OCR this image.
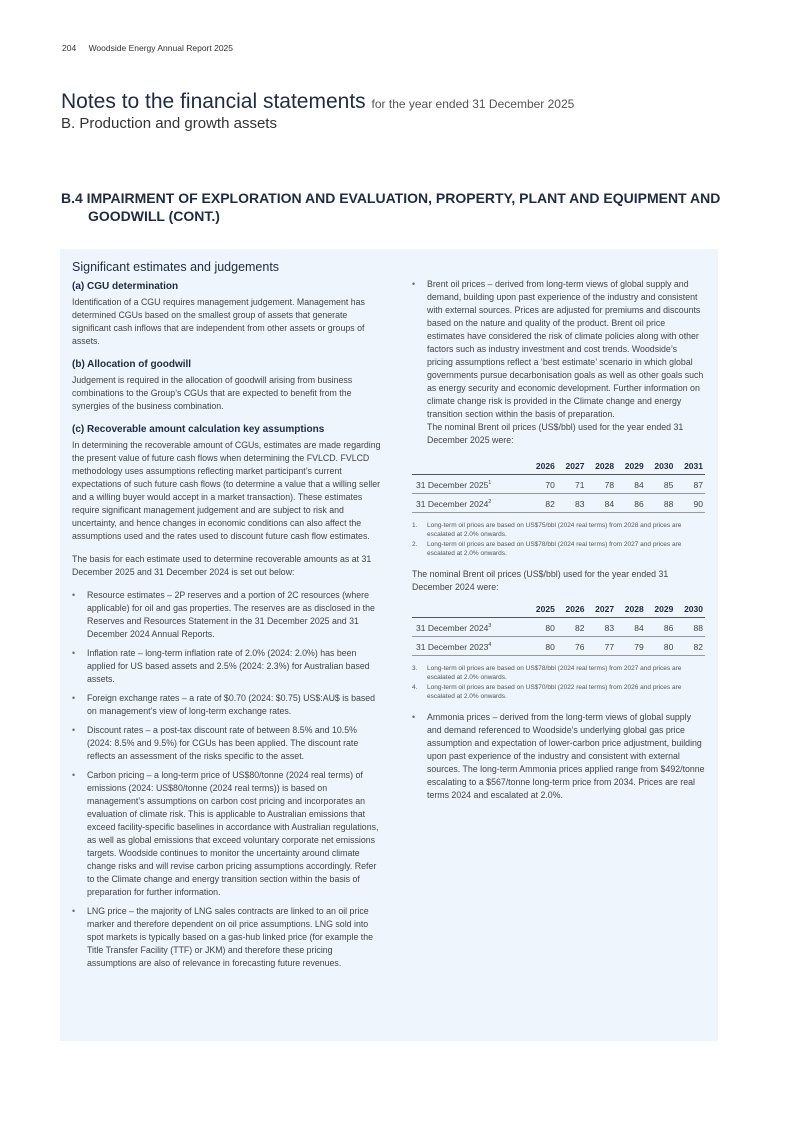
204 Woodside Energy Annual Report 2025
Notes to the financial statements for the year ended 31 December 2025
B. Production and growth assets
B.4 IMPAIRMENT OF EXPLORATION AND EVALUATION, PROPERTY, PLANT AND EQUIPMENT AND GOODWILL (CONT.)
Significant estimates and judgements
(a) CGU determination

Identification of a CGU requires management judgement. Management has determined CGUs based on the smallest group of assets that generate significant cash inflows that are independent from other assets or groups of assets.

(b) Allocation of goodwill

Judgement is required in the allocation of goodwill arising from business combinations to the Group’s CGUs that are expected to benefit from the synergies of the business combination.

(c) Recoverable amount calculation key assumptions

In determining the recoverable amount of CGUs, estimates are made regarding the present value of future cash flows when determining the FVLCD. FVLCD methodology uses assumptions reflecting market participant’s current expectations of such future cash flows (to determine a value that a willing seller and a willing buyer would accept in a market transaction). These estimates require significant management judgement and are subject to risk and uncertainty, and hence changes in economic conditions can also affect the assumptions used and the rates used to discount future cash flow estimates.

The basis for each estimate used to determine recoverable amounts as at 31 December 2025 and 31 December 2024 is set out below:

• Resource estimates – 2P reserves and a portion of 2C resources (where applicable) for oil and gas properties. The reserves are as disclosed in the Reserves and Resources Statement in the 31 December 2025 and 31 December 2024 Annual Reports.
• Inflation rate – long-term inflation rate of 2.0% (2024: 2.0%) has been applied for US based assets and 2.5% (2024: 2.3%) for Australian based assets.
• Foreign exchange rates – a rate of $0.70 (2024: $0.75) US$:AU$ is based on management’s view of long-term exchange rates.
• Discount rates – a post-tax discount rate of between 8.5% and 10.5% (2024: 8.5% and 9.5%) for CGUs has been applied. The discount rate reflects an assessment of the risks specific to the asset.
• Carbon pricing – a long-term price of US$80/tonne (2024 real terms) of emissions (2024: US$80/tonne (2024 real terms)) is based on management’s assumptions on carbon cost pricing and incorporates an evaluation of climate risk. This is applicable to Australian emissions that exceed facility-specific baselines in accordance with Australian regulations, as well as global emissions that exceed voluntary corporate net emissions targets. Woodside continues to monitor the uncertainty around climate change risks and will revise carbon pricing assumptions accordingly. Refer to the Climate change and energy transition section within the basis of preparation for further information.
• LNG price – the majority of LNG sales contracts are linked to an oil price marker and therefore dependent on oil price assumptions. LNG sold into spot markets is typically based on a gas-hub linked price (for example the Title Transfer Facility (TTF) or JKM) and therefore these pricing assumptions are also of relevance in forecasting future revenues.
• Brent oil prices – derived from long-term views of global supply and demand, building upon past experience of the industry and consistent with external sources. Prices are adjusted for premiums and discounts based on the nature and quality of the product. Brent oil price estimates have considered the risk of climate policies along with other factors such as industry investment and cost trends. Woodside’s pricing assumptions reflect a ‘best estimate’ scenario in which global governments pursue decarbonisation goals as well as other goals such as energy security and economic development. Further information on climate change risk is provided in the Climate change and energy transition section within the basis of preparation.
The nominal Brent oil prices (US$/bbl) used for the year ended 31 December 2025 were:
	2026	2027	2028	2029	2030	2031
31 December 2025$^1$	70	71	78	84	85	87
31 December 2024$^2$	82	83	84	86	88	90
1. Long-term oil prices are based on US$75/bbl (2024 real terms) from 2028 and prices are escalated at 2.0% onwards.
2. Long-term oil prices are based on US$78/bbl (2024 real terms) from 2027 and prices are escalated at 2.0% onwards.

The nominal Brent oil prices (US$/bbl) used for the year ended 31 December 2024 were:

	2025	2026	2027	2028	2029	2030
31 December 2024$^3$	80	82	83	84	86	88
31 December 2023$^4$	80	76	77	79	80	82
3. Long-term oil prices are based on US$78/bbl (2024 real terms) from 2027 and prices are escalated at 2.0% onwards.
4. Long-term oil prices are based on US$70/bbl (2022 real terms) from 2026 and prices are escalated at 2.0% onwards.
• Ammonia prices – derived from the long-term views of global supply and demand referenced to Woodside’s underlying global gas price assumption and expectation of lower-carbon price adjustment, building upon past experience of the industry and consistent with external sources. The long-term Ammonia prices applied range from $492/tonne escalating to a $567/tonne long-term price from 2034. Prices are real terms 2024 and escalated at 2.0%.
